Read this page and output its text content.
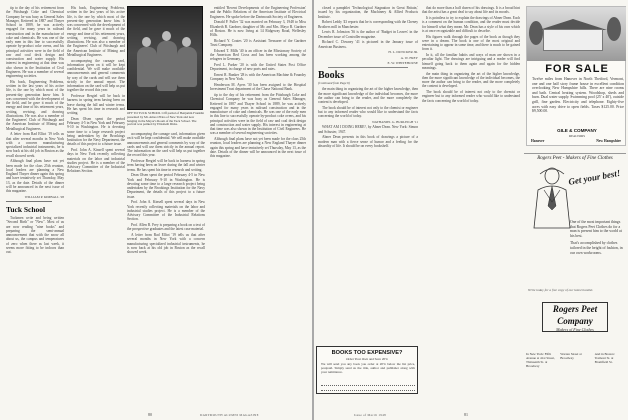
tip to the day of his retirement from the Pittsburgh Coke and Chemical Company he was busy as General Sales Manager, Kettered in 1887 and Thayer School in 1889, he was actively engaged for many years in railroad construction and in the manufacture of coke and chemicals. He was one of the early men in this line to successfully operate by-product coke ovens, and his principal activities were in the field of raw and coal deck design and construction and water supply. His interest in engineering at that time was also shown in the Institution of Civil Engineers. He was a member of several engineering societies.

His book, Engineering Problems, written in the last years of his active life, is the one by which most of the present-day generation knew him. It was concerned with the development of the field, and he gave it much of the energy and time of his retirement years, writing, revising, and drawing illustrations. He was also a member of the Engineers' Club of Pittsburgh and the American Institute of Mining and Metallurgical Engineers.

A letter from Rad Elliot '19 tells us that after several months in New York with a concern manufacturing specialized industrial instruments, he is now back at his old job in Boston as the recall showed week.

Although final plans have not yet been made for the class 25th reunion, local leaders are planning a New England Thayer dinner again this spring and have tentatively set Thursday, May 13, as the date. Details of the dinner will be announced in the next issue of this magazine.

WILLIAM P. KIMBALL '28
Tuck School

Tuckmen write and being written "Second Birth" or "New". Most of us are now reading "nine books" and preparing the semi-annual announcement that with the snow all about us, the campus and temperatures of zero when there as last week, it seems more fitting to be indoors than out.

His book, Engineering Problems, written in the last years of his active life, is the one by which most of the present-day generation knew him. It was concerned with the development of the field, and he gave it much of the energy and time of his retirement years, writing, revising, and drawing illustrations. He was also a member of the Engineers' Club of Pittsburgh and the American Institute of Mining and Metallurgical Engineers.

accompanying the carnage card, information given on it will be kept confidential. We will make available announcements and general comments by way of the cards and will use them strictly in the annual report. The information on the card will help us put together the record this year.

Professor Bergiel will be back in harness in spring term having been on leave during the fall and winter terms. He has spent his time in research and writing.

Dean Olsen spent the period February 4-5 in New York and February 9-10 in Washington. He is devoting some time to a large research project being undertaken by the Brookings Institution for the Navy Department, the details of this project to a future issue.

Prof. John A. Kinsell spent several days in New York recently collecting materials on the labor and industrial studies project. He is a member of the Advisory Committee of the Industrial Relations Section.

OFF TO TUCK SCHOOL: Off partial of Benjamin Franklin presented by Mr. Ames O'Dea of New York and now hanging in the Mayor's Room of the Tuck School. The portrait was painted by Elizabeth Dirks.

accompanying the carnage card, information given on it will be kept confidential. We will make available announcements and general comments by way of the cards and will use them strictly in the annual report. The information on the card will help us put together the record this year.

Professor Bergiel will be back in harness in spring term having been on leave during the fall and winter terms. He has spent his time in research and writing.

Dean Olsen spent the period February 4-5 in New York and February 9-10 in Washington. He is devoting some time to a large research project being undertaken by the Brookings Institution for the Navy Department, the details of this project to a future issue.

Prof. John A. Kinsell spent several days in New York recently collecting materials on the labor and industrial studies project. He is a member of the Advisory Committee of the Industrial Relations Section.

Prof. Allen R. Frey is preparing a book on a text of the prospective graduates and the latest case material.

A letter from Rad Elliot '19 tells us that after several months in New York with a concern manufacturing specialized industrial instruments, he is now back at his old job in Boston as the recall showed week.

entitled 'Recent Developments of the Engineering Profession' and the Public Relations of the American Institute of Electrical Engineers. He spoke before the Dartmouth Society of Engineers.

Donald P. Fuller '32 was married on February 3, 1948 to Miss Elizabeth B. Gardner, daughter of Mr. and Mrs. Mayo R. Gardner of Boston. He is now living at 14 Ridgeway Road, Wellesley Hills.

Richard Y. Coates '20 is Assistant Treasurer of the Gardner Trust Company.

Edward T. Mills '40 is an officer in the Missionary Society of the American Red Cross and has been working among the refugees in Germany.

Fred L. Parker '20 is with the United States Post Office Department, in charge of new ports and rates.

Ernest R. Bunker '28 is with the American Machine & Foundry Company in New York.

Henderson M. Ayers '30 has been assigned to the Hospital Investment Trust department of the Chase National Bank.

tip to the day of his retirement from the Pittsburgh Coke and Chemical Company he was busy as General Sales Manager, Kettered in 1887 and Thayer School in 1889, he was actively engaged for many years in railroad construction and in the manufacture of coke and chemicals. He was one of the early men in this line to successfully operate by-product coke ovens, and his principal activities were in the field of raw and coal deck design and construction and water supply. His interest in engineering at that time was also shown in the Institution of Civil Engineers. He was a member of several engineering societies.

Although final plans have not yet been made for the class 25th reunion, local leaders are planning a New England Thayer dinner again this spring and have tentatively set Thursday, May 13, as the date. Details of the dinner will be announced in the next issue of this magazine.

80	DARTMOUTH ALUMNI MAGAZINE

closed a pamphlet 'Technological Stagnation in Great Britain,' issued by his organization, the Machinery & Allied Products Institute.

Robert Leddy '43 reports that he is corresponding with the Cheney Brothers mill in Manchester.

Lewis R. Johnston '36 is the author of 'Budget in Leaves' in the December issue of Controller magazine.

Richard C. Downey '41 is pictured in the January issue of American Business.

H. L. DUNCKER JR.
A. W. FREY
E. W. WHITEHOUSE
Books
(Continued from Page 6)

the main thing in organizing the art of the higher knowledge, then the more significant knowledge of the individual becomes, the more the author can bring to the reader, and the more completely the content is developed.

The book should be of interest not only to the chemist or engineer but to any informed reader who would like to understand the facts concerning the world of today.

NATHANIEL G. BURLEIGH '11

WHAT AM I DOING HERE?, by Abner Dean. New York: Simon and Schuster, 1947.

Abner Dean presents in this book of drawings a picture of a modern man with a fierce sense of humor and a feeling for the absurdity of life. It should be on every bookshelf.

BOOKS TOO EXPENSIVE?
Order Your Own and Save 20%
We will send you any book you order at 20% below the list price, postpaid. Simply send us the title, author and publisher along with your remittance.

that do more than a half dozen of his drawings. It is a broad hint that the artist has a great deal to say about life and its moods.

It is pointless to try to explain the drawings of Abner Dean. Each is a comment on the human condition, and the reader must decide for himself what they mean. Mr. Dean has a style of his own which is at once recognizable and difficult to describe.

His figures walk through the pages of the book as though they were in a dream. The book is one of the most original and entertaining to appear in some time, and there is much to be gained from it.

In it, all the familiar habits and ways of man are shown in a peculiar light. The drawings are intriguing and a reader will find himself going back to them again and again for the hidden meanings.

the main thing in organizing the art of the higher knowledge, then the more significant knowledge of the individual becomes, the more the author can bring to the reader, and the more completely the content is developed.

The book should be of interest not only to the chemist or engineer but to any informed reader who would like to understand the facts concerning the world of today.

FOR SALE
Twelve miles from Hanover in North Thetford, Vermont, one and one half story frame house in excellent condition overlooking New Hampshire hills. There are nine rooms and bath. Central heating system. Woodshop, sheds and barn. Dual water supply. Swimming pool (25' x 40'), outside grill, fine garden. Electricity and telephone. Eighty-five acres with easy drive to open fields. Taxes $125.00. Price $9,500.00.
GILE & COMPANY
REALTORS
Hanover	New Hampshire
Rogers Peet - Makers of Fine Clothes
Get your best!
One of the most important things that Rogers Peet Clothes do for a man is present him to the world at his best.
That's accomplished by clothes tailored in the height of fashion, in our own workrooms.
Write today for a free copy of our latest booklet.
Rogers Peet Company
Makers of Fine Clothes
In New York: Fifth Avenue at 41st Street, Thirteenth St. at Broadway
Warren Street at Broadway
And in Boston: Tremont St. at Bromfield St.
Issue of March 1948	81
